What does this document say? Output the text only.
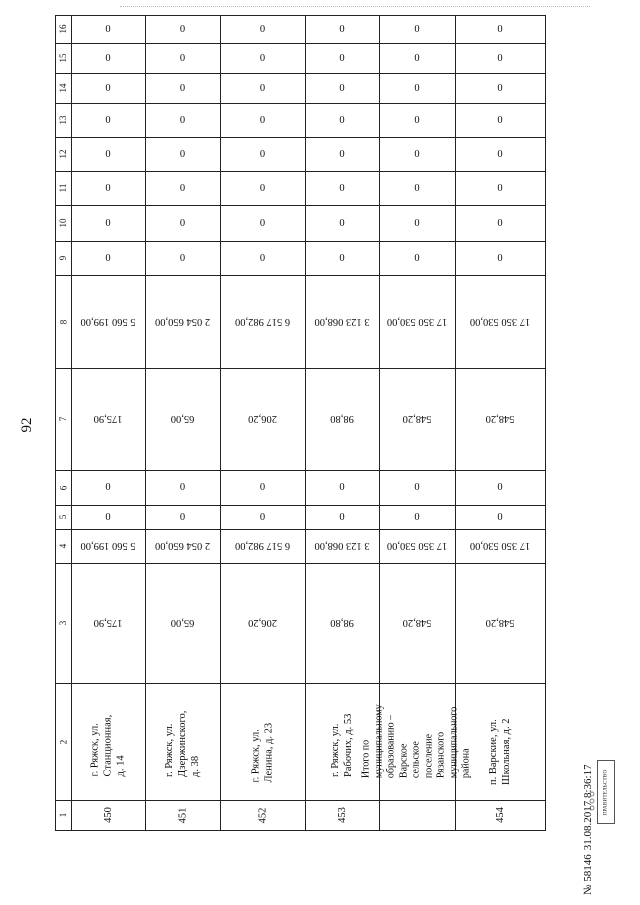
92
16
15
14
13
12
11
10
9
8
7
6
5
4
3
2
1
0
0
0
0
0
0
0
0
5 560 199,00
175,90
0
0
5 560 199,00
175,90
г. Ряжск, ул. Станционная, д. 14
450
0
0
0
0
0
0
0
0
2 054 650,00
65,00
0
0
2 054 650,00
65,00
г. Ряжск, ул. Дзержинского, д. 38
451
0
0
0
0
0
0
0
0
6 517 982,00
206,20
0
0
6 517 982,00
206,20
г. Ряжск, ул. Ленина, д. 23
452
0
0
0
0
0
0
0
0
3 123 068,00
98,80
0
0
3 123 068,00
98,80
г. Ряжск, ул. Рабочих, д. 53
453
0
0
0
0
0
0
0
0
17 350 530,00
548,20
0
0
17 350 530,00
548,20
Итого по муниципальному образованию – Варское сельское поселение Рязанского муниципального района
0
0
0
0
0
0
0
0
17 350 530,00
548,20
0
0
17 350 530,00
548,20
п. Варские, ул. Школьная, д. 2
454
№ 58146
31.08.2017 8:36:17 ПРАВИТЕЛЬСТВО
